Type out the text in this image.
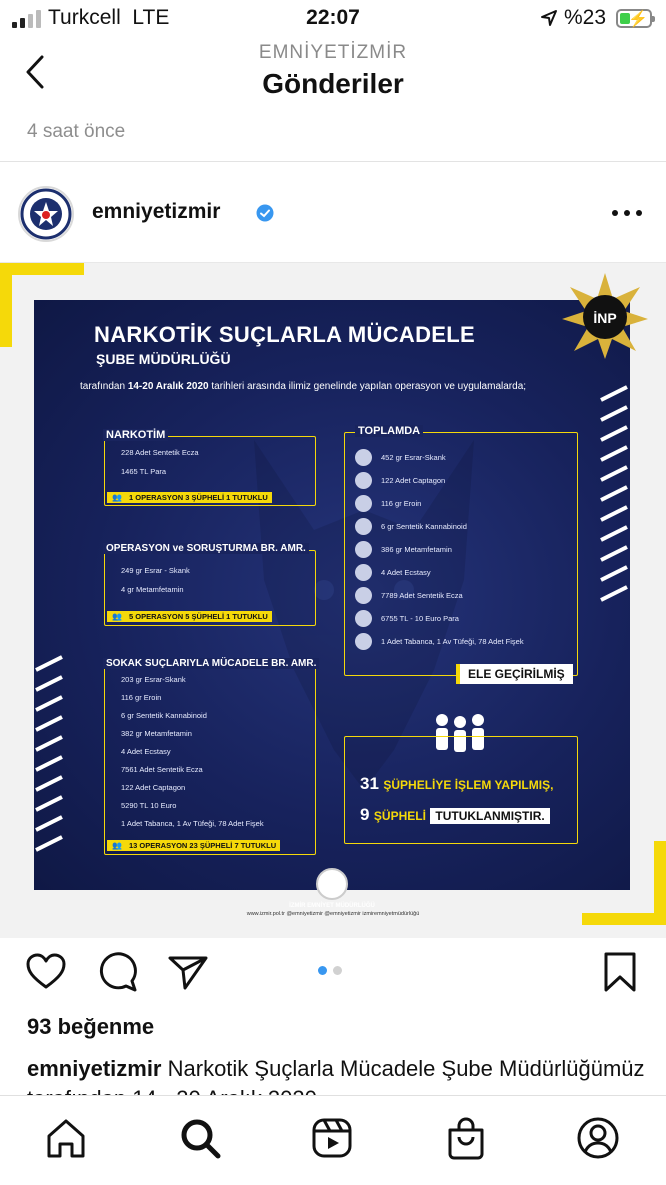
Turkcell LTE	22:07	%23 ⚡
EMNİYETİZMİR
Gönderiler
4 saat önce
emniyetizmir
NARKOTİK SUÇLARLA MÜCADELE
ŞUBE MÜDÜRLÜĞÜ
tarafından 14-20 Aralık 2020 tarihleri arasında ilimiz genelinde yapılan operasyon ve uygulamalarda;
NARKOTİM
228 Adet Sentetik Ecza
1465 TL Para
👥 1 OPERASYON 3 ŞÜPHELİ 1 TUTUKLU
OPERASYON ve SORUŞTURMA BR. AMR.
249 gr Esrar - Skank
4 gr Metamfetamin
👥 5 OPERASYON 5 ŞÜPHELİ 1 TUTUKLU
SOKAK SUÇLARIYLA MÜCADELE BR. AMR.
203 gr Esrar-Skank
116 gr Eroin
6 gr Sentetik Kannabinoid
382 gr Metamfetamin
4 Adet Ecstasy
7561 Adet Sentetik Ecza
122 Adet Captagon
5290 TL 10 Euro
1 Adet Tabanca, 1 Av Tüfeği, 78 Adet Fişek
👥 13 OPERASYON 23 ŞÜPHELİ 7 TUTUKLU
TOPLAMDA
452 gr Esrar-Skank
122 Adet Captagon
116 gr Eroin
6 gr Sentetik Kannabinoid
386 gr Metamfetamin
4 Adet Ecstasy
7789 Adet Sentetik Ecza
6755 TL - 10 Euro Para
1 Adet Tabanca, 1 Av Tüfeği, 78 Adet Fişek
ELE GEÇİRİLMİŞ
31 ŞÜPHELİYE İŞLEM YAPILMIŞ,
9 ŞÜPHELİ TUTUKLANMIŞTIR.
İZMİR EMNİYET MÜDÜRLÜĞÜ
İNP
www.izmir.pol.tr @emniyetizmir @emniyetizmir izmiremniyetmüdürlüğü
93 beğenme
emniyetizmir Narkotik Şuçlarla Mücadele Şube Müdürlüğümüz
